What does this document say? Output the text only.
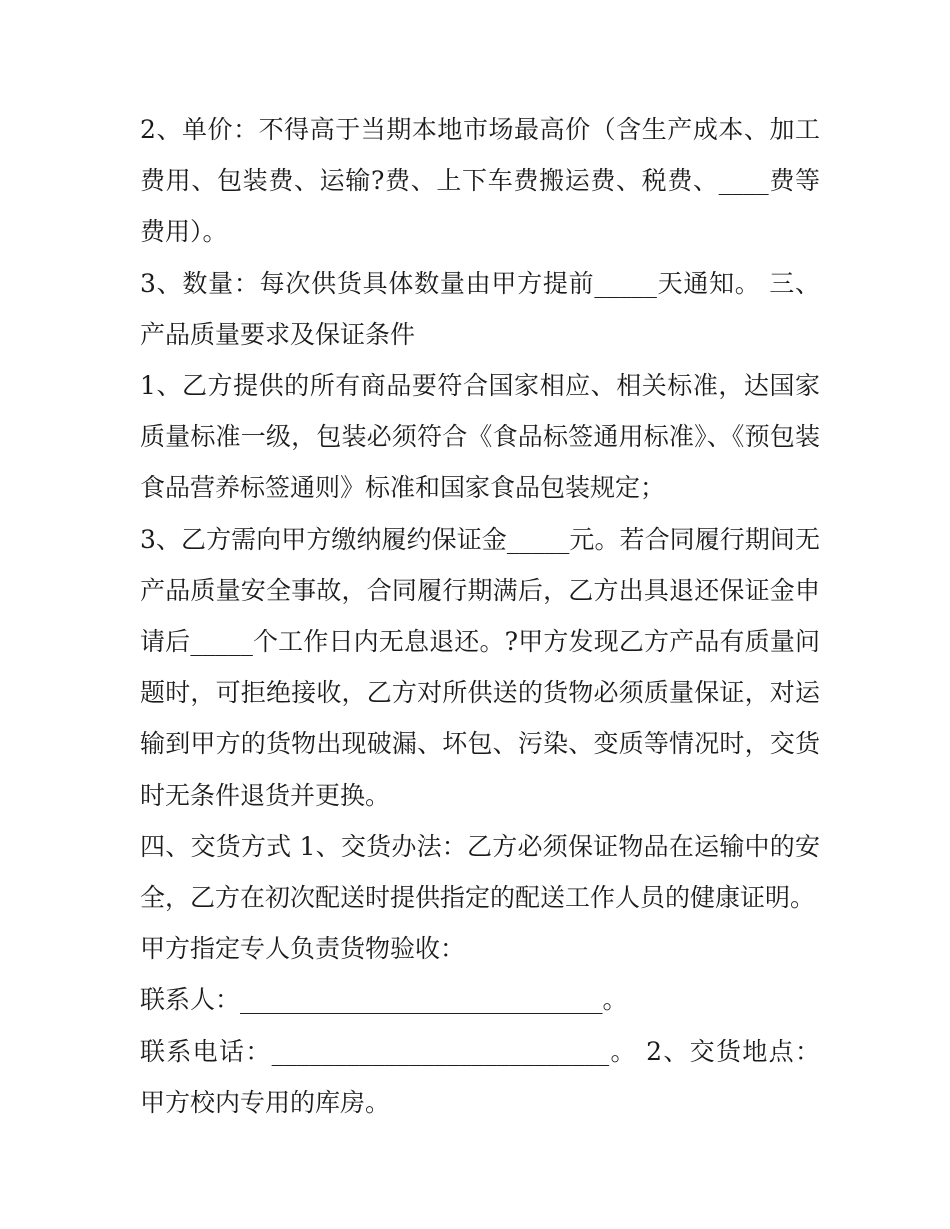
2、单价：不得高于当期本地市场最高价（含生产成本、加工费用、包装费、运输?费、上下车费搬运费、税费、____费等费用）。

3、数量：每次供货具体数量由甲方提前_____天通知。 三、产品质量要求及保证条件

1、乙方提供的所有商品要符合国家相应、相关标准，达国家质量标准一级，包装必须符合《食品标签通用标准》、《预包装食品营养标签通则》标准和国家食品包装规定；

3、乙方需向甲方缴纳履约保证金_____元。若合同履行期间无产品质量安全事故，合同履行期满后，乙方出具退还保证金申请后_____个工作日内无息退还。?甲方发现乙方产品有质量问题时，可拒绝接收，乙方对所供送的货物必须质量保证，对运输到甲方的货物出现破漏、坏包、污染、变质等情况时，交货时无条件退货并更换。

四、交货方式 1、交货办法：乙方必须保证物品在运输中的安全，乙方在初次配送时提供指定的配送工作人员的健康证明。

甲方指定专人负责货物验收：

联系人：_____________________________。

联系电话：___________________________。 2、交货地点：甲方校内专用的库房。
